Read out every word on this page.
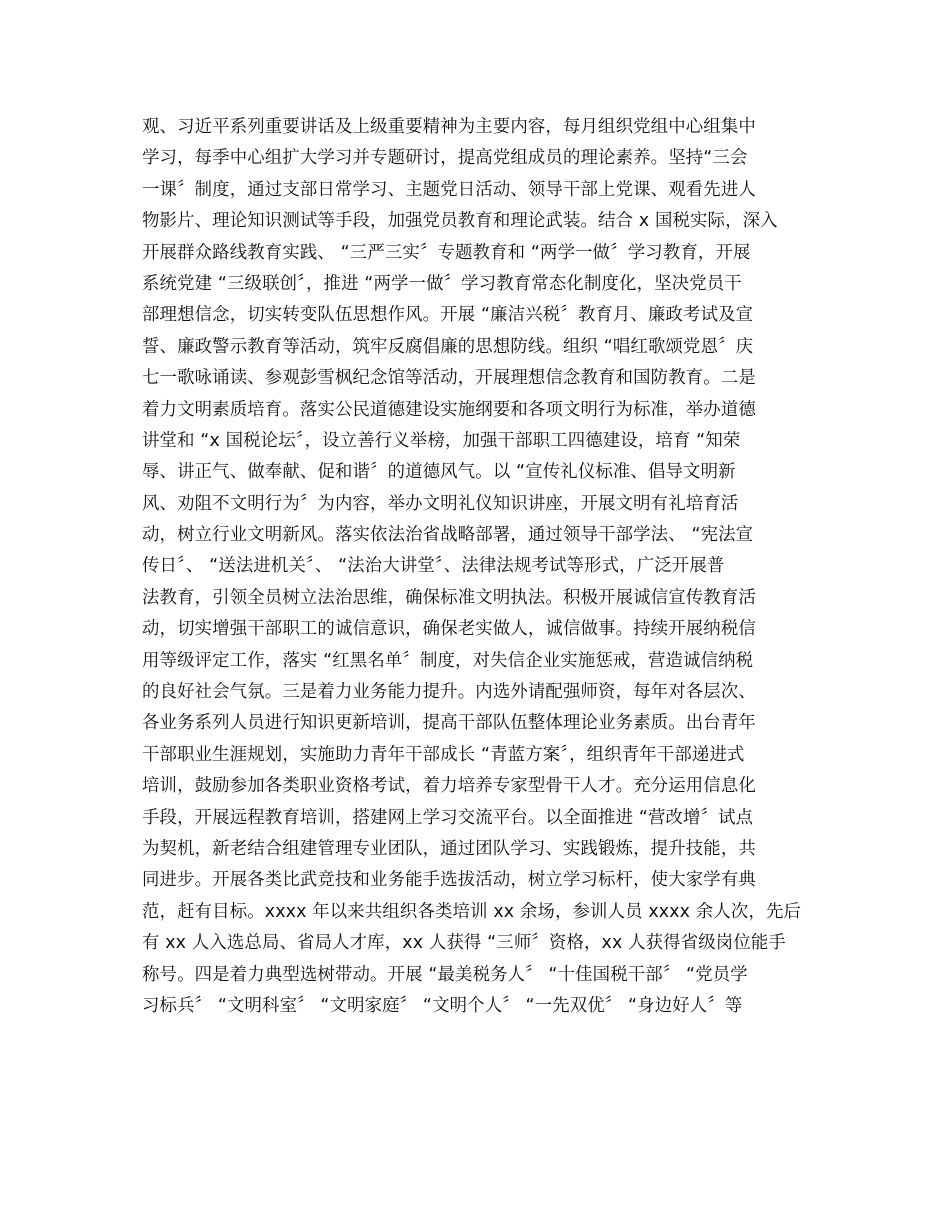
观、习近平系列重要讲话及上级重要精神为主要内容，每月组织党组中心组集中
学习，每季中心组扩大学习并专题研讨，提高党组成员的理论素养。坚持“三会
一课〞制度，通过支部日常学习、主题党日活动、领导干部上党课、观看先进人
物影片、理论知识测试等手段，加强党员教育和理论武装。结合 x 国税实际，深入
开展群众路线教育实践、 “三严三实〞专题教育和 “两学一做〞学习教育，开展
系统党建 “三级联创〞，推进 “两学一做〞学习教育常态化制度化，坚决党员干
部理想信念，切实转变队伍思想作风。开展 “廉洁兴税〞教育月、廉政考试及宣
誓、廉政警示教育等活动，筑牢反腐倡廉的思想防线。组织 “唱红歌颂党恩〞庆
七一歌咏诵读、参观彭雪枫纪念馆等活动，开展理想信念教育和国防教育。二是
着力文明素质培育。落实公民道德建设实施纲要和各项文明行为标准，举办道德
讲堂和 “x 国税论坛〞，设立善行义举榜，加强干部职工四德建设，培育 “知荣
辱、讲正气、做奉献、促和谐〞的道德风气。以 “宣传礼仪标准、倡导文明新
风、劝阻不文明行为〞为内容，举办文明礼仪知识讲座，开展文明有礼培育活
动，树立行业文明新风。落实依法治省战略部署，通过领导干部学法、 “宪法宣
传日〞、 “送法进机关〞、 “法治大讲堂〞、法律法规考试等形式，广泛开展普
法教育，引领全员树立法治思维，确保标准文明执法。积极开展诚信宣传教育活
动，切实增强干部职工的诚信意识，确保老实做人，诚信做事。持续开展纳税信
用等级评定工作，落实 “红黑名单〞制度，对失信企业实施惩戒，营造诚信纳税
的良好社会气氛。三是着力业务能力提升。内选外请配强师资，每年对各层次、
各业务系列人员进行知识更新培训，提高干部队伍整体理论业务素质。出台青年
干部职业生涯规划，实施助力青年干部成长 “青蓝方案〞，组织青年干部递进式
培训，鼓励参加各类职业资格考试，着力培养专家型骨干人才。充分运用信息化
手段，开展远程教育培训，搭建网上学习交流平台。以全面推进 “营改增〞试点
为契机，新老结合组建管理专业团队，通过团队学习、实践锻炼，提升技能，共
同进步。开展各类比武竞技和业务能手选拔活动，树立学习标杆，使大家学有典
范，赶有目标。xxxx 年以来共组织各类培训 xx 余场，参训人员 xxxx 余人次，先后
有 xx 人入选总局、省局人才库，xx 人获得 “三师〞资格，xx 人获得省级岗位能手
称号。四是着力典型选树带动。开展 “最美税务人〞 “十佳国税干部〞 “党员学
习标兵〞 “文明科室〞 “文明家庭〞 “文明个人〞 “一先双优〞 “身边好人〞等
